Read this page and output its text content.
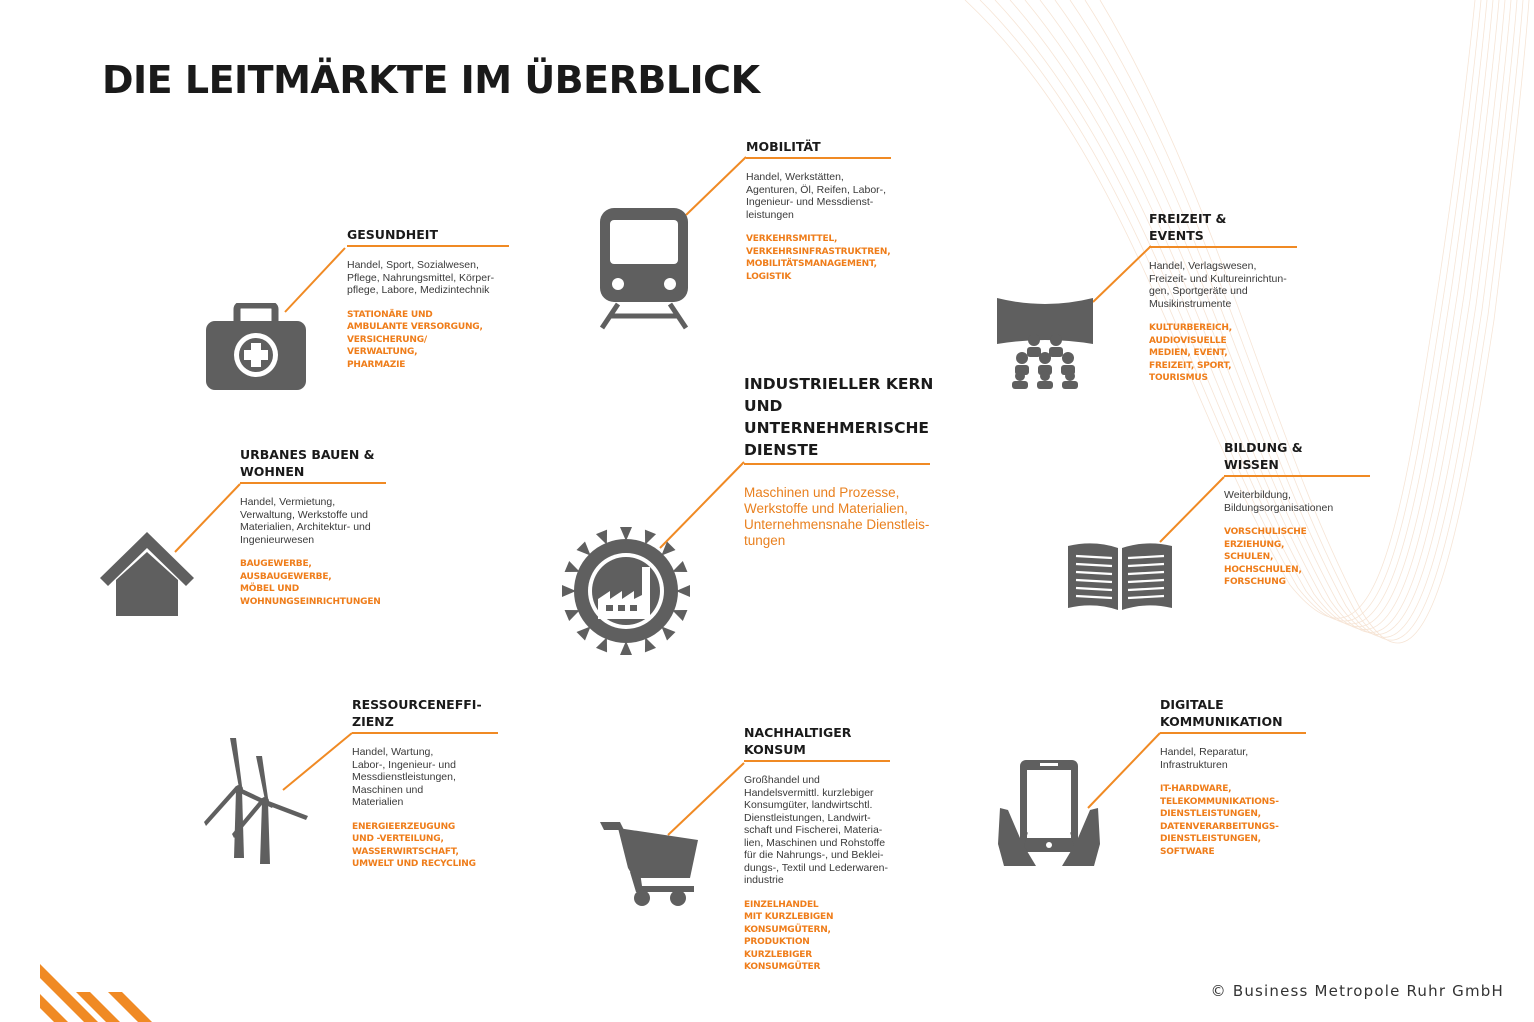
DIE LEITMÄRKTE IM ÜBERBLICK
GESUNDHEIT
Handel, Sport, Sozialwesen,
Pflege, Nahrungsmittel, Körper-
pflege, Labore, Medizintechnik
STATIONÄRE UND
AMBULANTE VERSORGUNG,
VERSICHERUNG/
VERWALTUNG,
PHARMAZIE
MOBILITÄT
Handel, Werkstätten,
Agenturen, Öl, Reifen, Labor-,
Ingenieur- und Messdienst-
leistungen
VERKEHRSMITTEL,
VERKEHRSINFRASTRUKTREN,
MOBILITÄTSMANAGEMENT,
LOGISTIK
FREIZEIT &
EVENTS
Handel, Verlagswesen,
Freizeit- und Kultureinrichtun-
gen, Sportgeräte und
Musikinstrumente
KULTURBEREICH,
AUDIOVISUELLE
MEDIEN, EVENT,
FREIZEIT, SPORT,
TOURISMUS
INDUSTRIELLER KERN
UND
UNTERNEHMERISCHE
DIENSTE
Maschinen und Prozesse,
Werkstoffe und Materialien,
Unternehmensnahe Dienstleis-
tungen
URBANES BAUEN &
WOHNEN
Handel, Vermietung,
Verwaltung, Werkstoffe und
Materialien, Architektur- und
Ingenieurwesen
BAUGEWERBE,
AUSBAUGEWERBE,
MÖBEL UND
WOHNUNGSEINRICHTUNGEN
BILDUNG &
WISSEN
Weiterbildung,
Bildungsorganisationen
VORSCHULISCHE
ERZIEHUNG,
SCHULEN,
HOCHSCHULEN,
FORSCHUNG
RESSOURCENEFFI-
ZIENZ
Handel, Wartung,
Labor-, Ingenieur- und
Messdienstleistungen,
Maschinen und
Materialien
ENERGIEERZEUGUNG
UND -VERTEILUNG,
WASSERWIRTSCHAFT,
UMWELT UND RECYCLING
NACHHALTIGER
KONSUM
Großhandel und
Handelsvermittl. kurzlebiger
Konsumgüter, landwirtschtl.
Dienstleistungen, Landwirt-
schaft und Fischerei, Materia-
lien, Maschinen und Rohstoffe
für die Nahrungs-, und Beklei-
dungs-, Textil und Lederwaren-
industrie
EINZELHANDEL
MIT KURZLEBIGEN
KONSUMGÜTERN,
PRODUKTION
KURZLEBIGER
KONSUMGÜTER
DIGITALE
KOMMUNIKATION
Handel, Reparatur,
Infrastrukturen
IT-HARDWARE,
TELEKOMMUNIKATIONS-
DIENSTLEISTUNGEN,
DATENVERARBEITUNGS-
DIENSTLEISTUNGEN,
SOFTWARE

© Business Metropole Ruhr GmbH
